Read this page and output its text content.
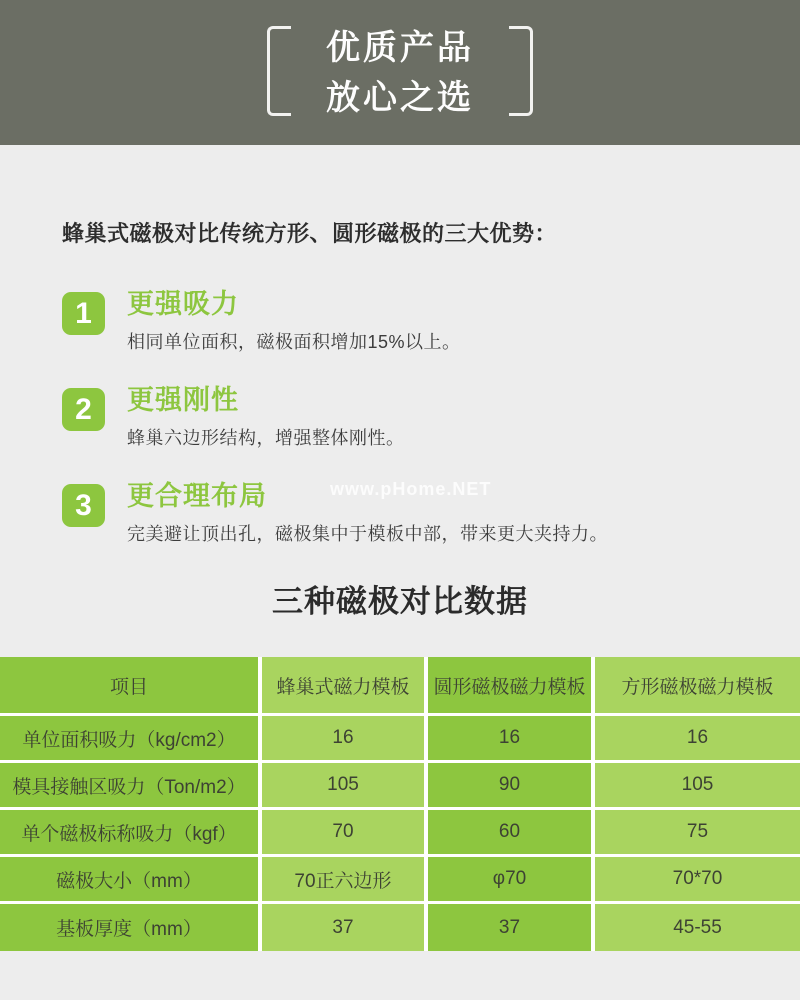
优质产品
放心之选
蜂巢式磁极对比传统方形、圆形磁极的三大优势：
1	更强吸力
相同单位面积，磁极面积增加15%以上。
2	更强刚性
蜂巢六边形结构，增强整体刚性。
3	更合理布局
完美避让顶出孔，磁极集中于模板中部，带来更大夹持力。
www.pHome.NET
三种磁极对比数据
项目	蜂巢式磁力模板	圆形磁极磁力模板	方形磁极磁力模板
单位面积吸力（kg/cm2）	16	16	16
模具接触区吸力（Ton/m2）	105	90	105
单个磁极标称吸力（kgf）	70	60	75
磁极大小（mm）	70正六边形	φ70	70*70
基板厚度（mm）	37	37	45-55
